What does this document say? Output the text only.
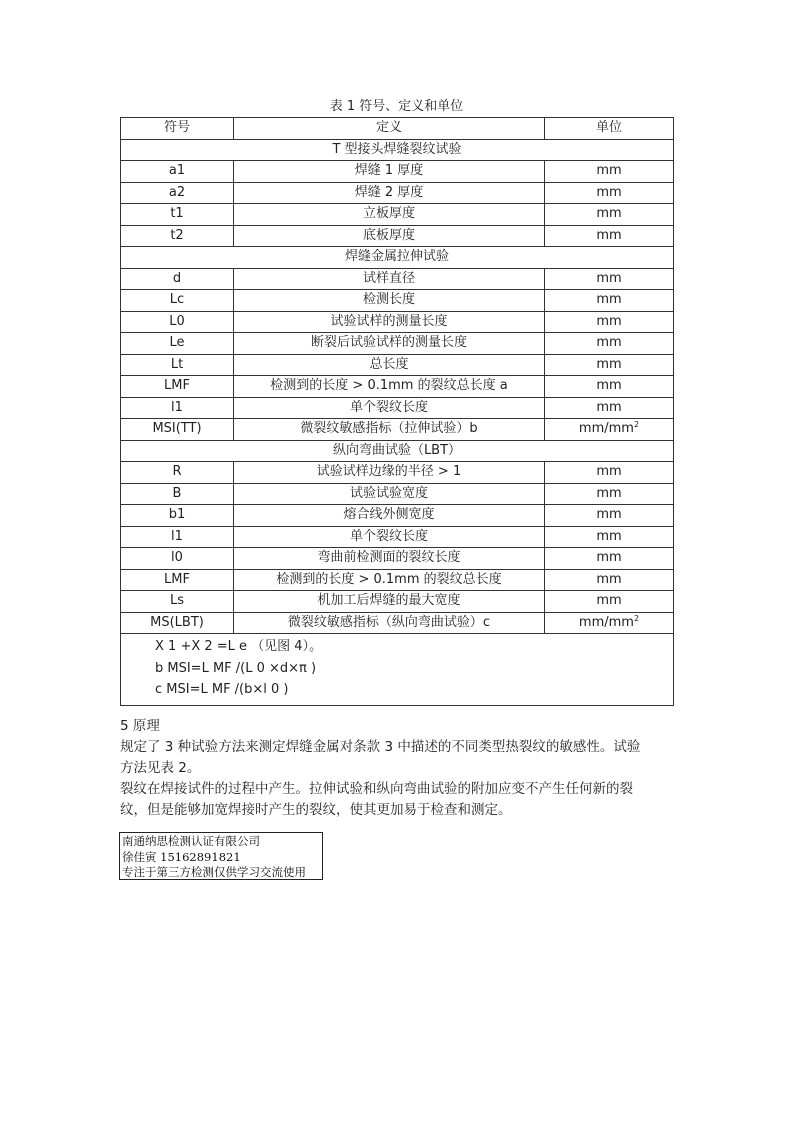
表 1 符号、定义和单位
符号	定义	单位
T 型接头焊缝裂纹试验		
a1	焊缝 1 厚度	mm
a2	焊缝 2 厚度	mm
t1	立板厚度	mm
t2	底板厚度	mm
焊缝金属拉伸试验		
d	试样直径	mm
Lc	检测长度	mm
L0	试验试样的测量长度	mm
Le	断裂后试验试样的测量长度	mm
Lt	总长度	mm
LMF	检测到的长度 > 0.1mm 的裂纹总长度 a	mm
l1	单个裂纹长度	mm
MSI(TT)	微裂纹敏感指标（拉伸试验）b	$mm/mm^2$
纵向弯曲试验（LBT）		
R	试验试样边缘的半径 > 1	mm
B	试验试验宽度	mm
b1	熔合线外侧宽度	mm
l1	单个裂纹长度	mm
l0	弯曲前检测面的裂纹长度	mm
LMF	检测到的长度 > 0.1mm 的裂纹总长度	mm
Ls	机加工后焊缝的最大宽度	mm
MS(LBT)	微裂纹敏感指标（纵向弯曲试验）c	$mm/mm^2$

X 1 +X 2 =L e （见图 4）。
b MSI=L MF /(L 0 ×d×π )
c MSI=L MF /(b×l 0 )		
5 原理
规定了 3 种试验方法来测定焊缝金属对条款 3 中描述的不同类型热裂纹的敏感性。试验
方法见表 2。
裂纹在焊接试件的过程中产生。拉伸试验和纵向弯曲试验的附加应变不产生任何新的裂
纹，但是能够加宽焊接时产生的裂纹，使其更加易于检查和测定。
南通纳思检测认证有限公司
徐佳寅 15162891821
专注于第三方检测仅供学习交流使用
